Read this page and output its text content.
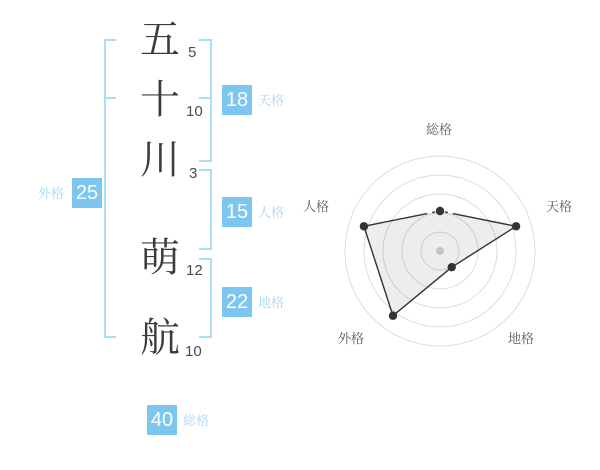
五
十
川
萌
航
5
10
3
12
10
18 天格
15 人格
22 地格
外格 25
40 総格
総格
天格
地格
外格
人格
